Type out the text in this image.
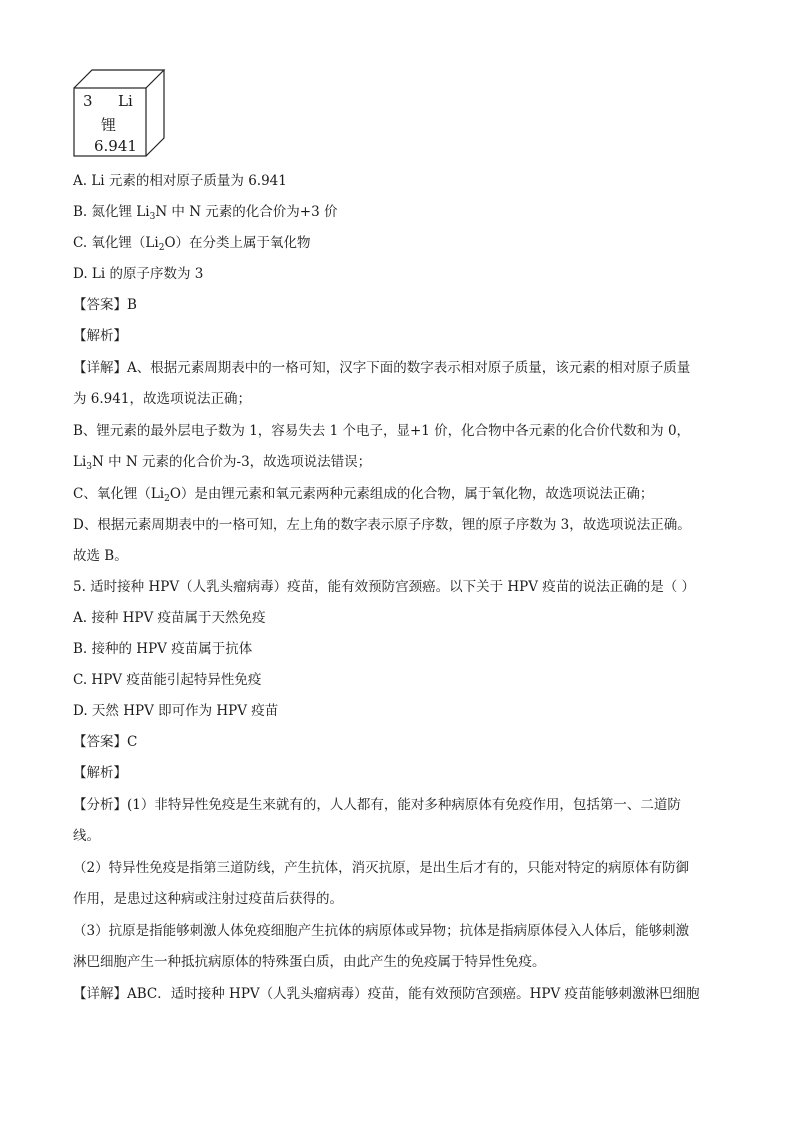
3 Li
锂
6.941
A. Li 元素的相对原子质量为 6.941
B. 氮化锂 $Li_3N$ 中 N 元素的化合价为+3 价
C. 氧化锂$(Li_2O)$在分类上属于氧化物
D. Li 的原子序数为 3
【答案】B
【解析】
【详解】A、根据元素周期表中的一格可知，汉字下面的数字表示相对原子质量，该元素的相对原子质量
为 6.941，故选项说法正确；
B、锂元素的最外层电子数为 1，容易失去 1 个电子，显+1 价，化合物中各元素的化合价代数和为 0，
$Li_3N$ 中 N 元素的化合价为-3，故选项说法错误；
C、氧化锂$(Li_2O)$是由锂元素和氧元素两种元素组成的化合物，属于氧化物，故选项说法正确；
D、根据元素周期表中的一格可知，左上角的数字表示原子序数，锂的原子序数为 3，故选项说法正确。
故选 B。
5. 适时接种 HPV（人乳头瘤病毒）疫苗，能有效预防宫颈癌。以下关于 HPV 疫苗的说法正确的是（ ）
A. 接种 HPV 疫苗属于天然免疫
B. 接种的 HPV 疫苗属于抗体
C. HPV 疫苗能引起特异性免疫
D. 天然 HPV 即可作为 HPV 疫苗
【答案】C
【解析】
【分析】(1）非特异性免疫是生来就有的，人人都有，能对多种病原体有免疫作用，包括第一、二道防
线。
（2）特异性免疫是指第三道防线，产生抗体，消灭抗原，是出生后才有的，只能对特定的病原体有防御
作用，是患过这种病或注射过疫苗后获得的。
（3）抗原是指能够刺激人体免疫细胞产生抗体的病原体或异物；抗体是指病原体侵入人体后，能够刺激
淋巴细胞产生一种抵抗病原体的特殊蛋白质，由此产生的免疫属于特异性免疫。
【详解】ABC．适时接种 HPV（人乳头瘤病毒）疫苗，能有效预防宫颈癌。HPV 疫苗能够刺激淋巴细胞
